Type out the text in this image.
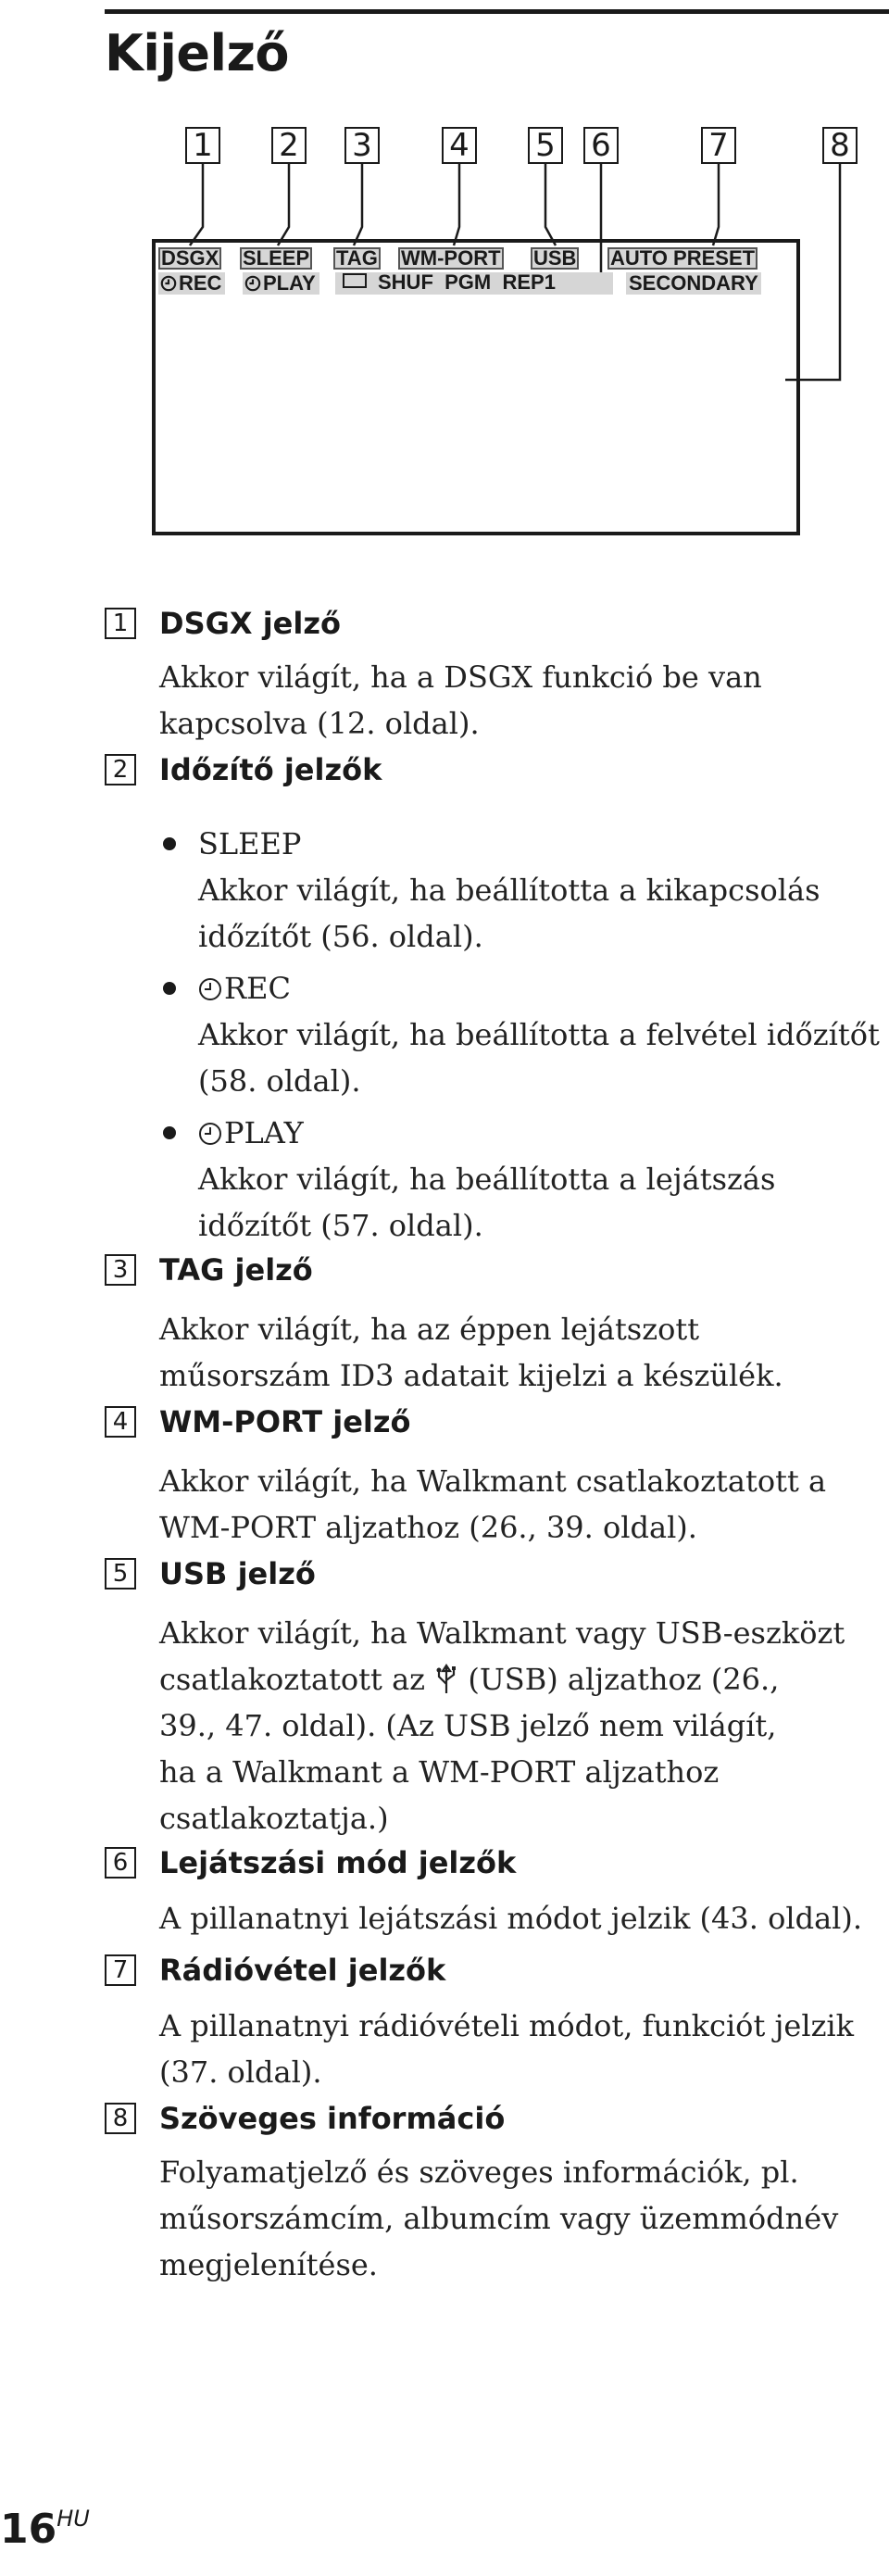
Kijelző
1 2 3 4 5 6	7	8
DSGX SLEEP TAG WM-PORT USB AUTO PRESET
REC	PLAY	SHUF PGM REP1	SECONDARY
1 DSGX jelző
Akkor világít, ha a DSGX funkció be van
kapcsolva (12. oldal).
2 Időzítő jelzők
SLEEP
Akkor világít, ha beállította a kikapcsolás
időzítőt (56. oldal).
REC
Akkor világít, ha beállította a felvétel időzítőt
(58. oldal).
PLAY
Akkor világít, ha beállította a lejátszás
időzítőt (57. oldal).
3 TAG jelző
Akkor világít, ha az éppen lejátszott
műsorszám ID3 adatait kijelzi a készülék.
4 WM-PORT jelző
Akkor világít, ha Walkmant csatlakoztatott a
WM-PORT aljzathoz (26., 39. oldal).
5 USB jelző
Akkor világít, ha Walkmant vagy USB-eszközt
csatlakoztatott az (USB) aljzathoz (26.,
39., 47. oldal). (Az USB jelző nem világít,
ha a Walkmant a WM-PORT aljzathoz
csatlakoztatja.)
6 Lejátszási mód jelzők
A pillanatnyi lejátszási módot jelzik (43. oldal).
7 Rádióvétel jelzők
A pillanatnyi rádióvételi módot, funkciót jelzik
(37. oldal).
8 Szöveges információ
Folyamatjelző és szöveges információk, pl.
műsorszámcím, albumcím vagy üzemmódnév
megjelenítése.
$16^{HU}$
